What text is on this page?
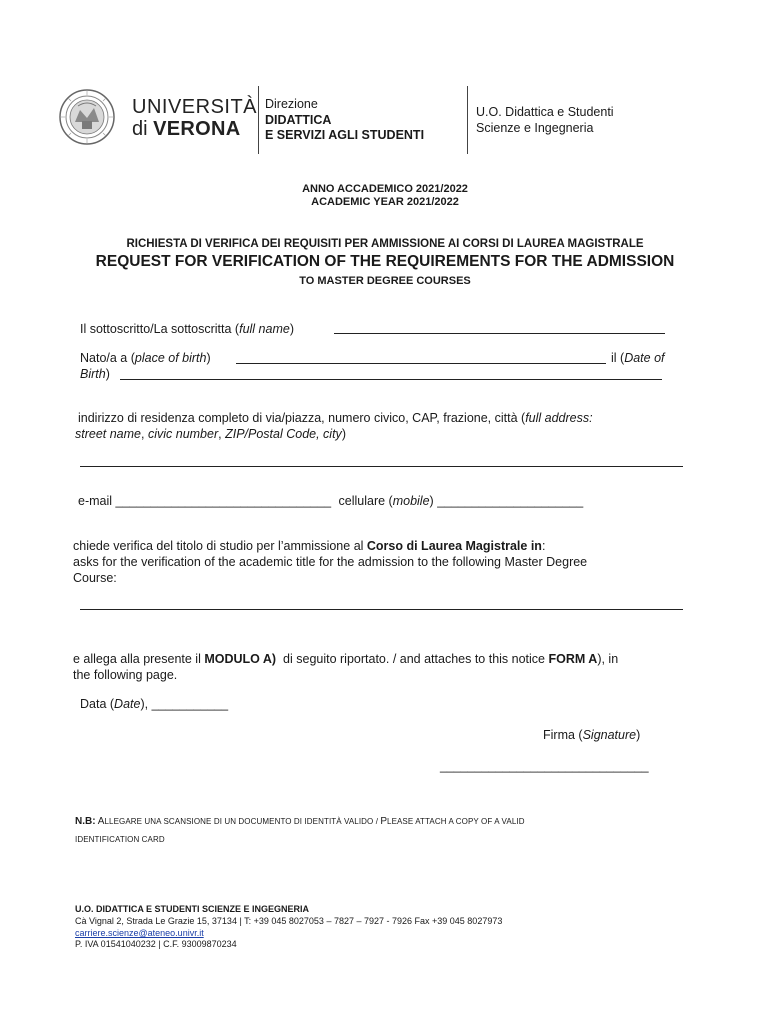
UNIVERSITÀ
di VERONA
Direzione
DIDATTICA
E SERVIZI AGLI STUDENTI
U.O. Didattica e Studenti
Scienze e Ingegneria
ANNO ACCADEMICO 2021/2022
ACADEMIC YEAR 2021/2022
RICHIESTA DI VERIFICA DEI REQUISITI PER AMMISSIONE AI CORSI DI LAUREA MAGISTRALE
REQUEST FOR VERIFICATION OF THE REQUIREMENTS FOR THE ADMISSION
TO MASTER DEGREE COURSES
Il sottoscritto/La sottoscritta (full name)
Nato/a a (place of birth)	il (Date of
Birth)
indirizzo di residenza completo di via/piazza, numero civico, CAP, frazione, città (full address:
street name, civic number, ZIP/Postal Code, city)
e-mail _______________________________ cellulare (mobile) _____________________
chiede verifica del titolo di studio per l’ammissione al Corso di Laurea Magistrale in:
asks for the verification of the academic title for the admission to the following Master Degree
Course:
e allega alla presente il MODULO A)  di seguito riportato. / and attaches to this notice FORM A), in
the following page.
Data (Date), ___________
Firma (Signature)
______________________________
N.B: ALLEGARE UNA SCANSIONE DI UN DOCUMENTO DI IDENTITÀ VALIDO / PLEASE ATTACH A COPY OF A VALID
IDENTIFICATION CARD
U.O. DIDATTICA E STUDENTI SCIENZE E INGEGNERIA
Cà Vignal 2, Strada Le Grazie 15, 37134 | T: +39 045 8027053 – 7827 – 7927 - 7926 Fax +39 045 8027973
carriere.scienze@ateneo.univr.it
P. IVA 01541040232 | C.F. 93009870234
